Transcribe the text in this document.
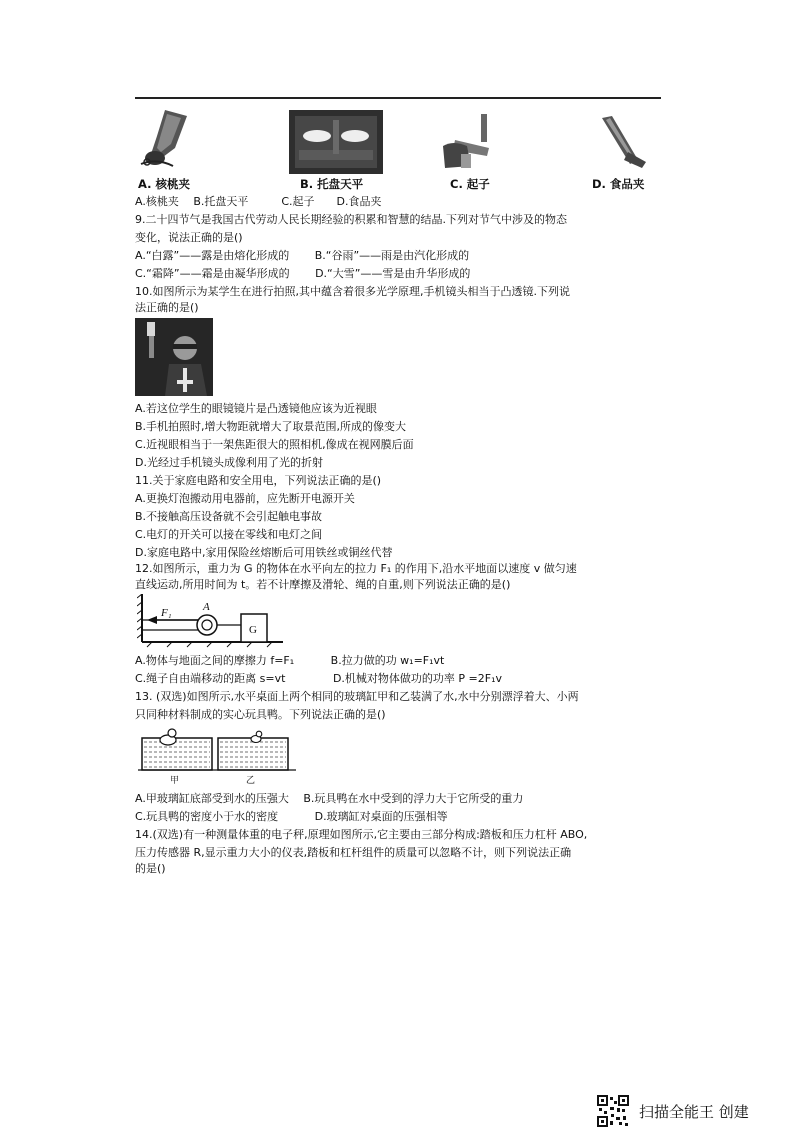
A. 核桃夹	B. 托盘天平	C. 起子	D. 食品夹
A.核桃夹　 B.托盘天平　　　C.起子　　D.食品夹
9.二十四节气是我国古代劳动人民长期经验的积累和智慧的结晶.下列对节气中涉及的物态
变化，说法正确的是()
A.“白露”——露是由熔化形成的　　 B.“谷雨”——雨是由汽化形成的
C.“霜降”——霜是由凝华形成的　　 D.“大雪”——雪是由升华形成的
10.如图所示为某学生在进行拍照,其中蕴含着很多光学原理,手机镜头相当于凸透镜.下列说
法正确的是()
A.若这位学生的眼镜镜片是凸透镜他应该为近视眼
B.手机拍照时,增大物距就增大了取景范围,所成的像变大
C.近视眼相当于一架焦距很大的照相机,像成在视网膜后面
D.光经过手机镜头成像利用了光的折射
11.关于家庭电路和安全用电，下列说法正确的是()
A.更换灯泡搬动用电器前，应先断开电源开关
B.不接触高压设备就不会引起触电事故
C.电灯的开关可以接在零线和电灯之间
D.家庭电路中,家用保险丝熔断后可用铁丝或铜丝代替
12.如图所示，重力为 G 的物体在水平向左的拉力 F₁ 的作用下,沿水平地面以速度 v 做匀速
直线运动,所用时间为 t。若不计摩擦及滑轮、绳的自重,则下列说法正确的是()
F₁	A
G
A.物体与地面之间的摩擦力 f=F₁　　　 B.拉力做的功 w₁=F₁vt
C.绳子自由端移动的距离 s=vt　　　　 D.机械对物体做功的功率 P =2F₁v
13. (双选)如图所示,水平桌面上两个相同的玻璃缸甲和乙装满了水,水中分别漂浮着大、小两
只同种材料制成的实心玩具鸭。下列说法正确的是()
甲	乙
A.甲玻璃缸底部受到水的压强大　 B.玩具鸭在水中受到的浮力大于它所受的重力
C.玩具鸭的密度小于水的密度　　　 D.玻璃缸对桌面的压强相等
14.(双选)有一种测量体重的电子秤,原理如图所示,它主要由三部分构成:踏板和压力杠杆 ABO,
压力传感器 R,显示重力大小的仪表,踏板和杠杆组件的质量可以忽略不计，则下列说法正确
的是()
扫描全能王 创建
